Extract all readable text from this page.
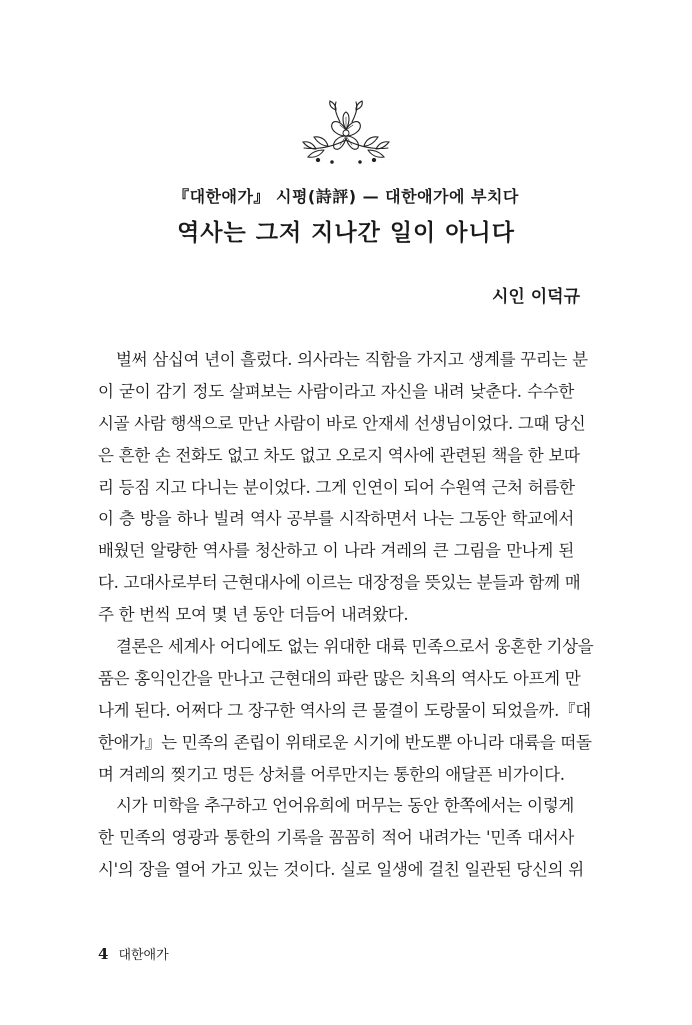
『대한애가』 시평(詩評) — 대한애가에 부치다
역사는 그저 지나간 일이 아니다
시인 이덕규
벌써 삼십여 년이 흘렀다. 의사라는 직함을 가지고 생계를 꾸리는 분
이 굳이 감기 정도 살펴보는 사람이라고 자신을 내려 낮춘다. 수수한
시골 사람 행색으로 만난 사람이 바로 안재세 선생님이었다. 그때 당신
은 흔한 손 전화도 없고 차도 없고 오로지 역사에 관련된 책을 한 보따
리 등짐 지고 다니는 분이었다. 그게 인연이 되어 수원역 근처 허름한
이 층 방을 하나 빌려 역사 공부를 시작하면서 나는 그동안 학교에서
배웠던 알량한 역사를 청산하고 이 나라 겨레의 큰 그림을 만나게 된
다. 고대사로부터 근현대사에 이르는 대장정을 뜻있는 분들과 함께 매
주 한 번씩 모여 몇 년 동안 더듬어 내려왔다.
결론은 세계사 어디에도 없는 위대한 대륙 민족으로서 웅혼한 기상을
품은 홍익인간을 만나고 근현대의 파란 많은 치욕의 역사도 아프게 만
나게 된다. 어쩌다 그 장구한 역사의 큰 물결이 도랑물이 되었을까.『대
한애가』는 민족의 존립이 위태로운 시기에 반도뿐 아니라 대륙을 떠돌
며 겨레의 찢기고 멍든 상처를 어루만지는 통한의 애달픈 비가이다.
시가 미학을 추구하고 언어유희에 머무는 동안 한쪽에서는 이렇게
한 민족의 영광과 통한의 기록을 꼼꼼히 적어 내려가는 '민족 대서사
시'의 장을 열어 가고 있는 것이다. 실로 일생에 걸친 일관된 당신의 위
4 대한애가
